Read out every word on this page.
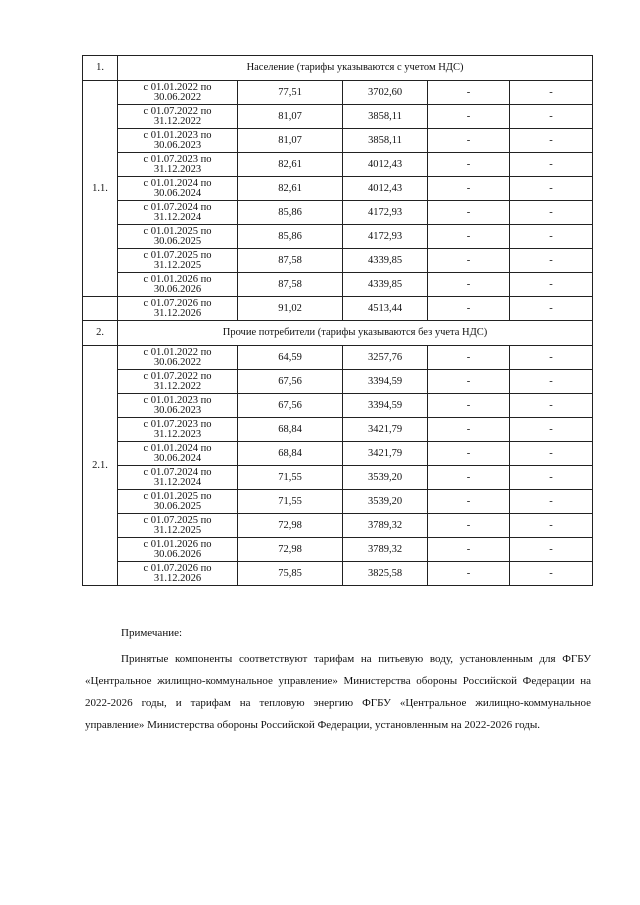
1.	Население (тарифы указываются с учетом НДС)				
1.1.	с 01.01.2022 по 30.06.2022	77,51	3702,60	-	-
	с 01.07.2022 по 31.12.2022	81,07	3858,11	-	-
	с 01.01.2023 по 30.06.2023	81,07	3858,11	-	-
	с 01.07.2023 по 31.12.2023	82,61	4012,43	-	-
	с 01.01.2024 по 30.06.2024	82,61	4012,43	-	-
	с 01.07.2024 по 31.12.2024	85,86	4172,93	-	-
	с 01.01.2025 по 30.06.2025	85,86	4172,93	-	-
	с 01.07.2025 по 31.12.2025	87,58	4339,85	-	-
	с 01.01.2026 по 30.06.2026	87,58	4339,85	-	-
	с 01.07.2026 по 31.12.2026	91,02	4513,44	-	-
2.	Прочие потребители (тарифы указываются без учета НДС)				
2.1.	с 01.01.2022 по 30.06.2022	64,59	3257,76	-	-
	с 01.07.2022 по 31.12.2022	67,56	3394,59	-	-
	с 01.01.2023 по 30.06.2023	67,56	3394,59	-	-
	с 01.07.2023 по 31.12.2023	68,84	3421,79	-	-
	с 01.01.2024 по 30.06.2024	68,84	3421,79	-	-
	с 01.07.2024 по 31.12.2024	71,55	3539,20	-	-
	с 01.01.2025 по 30.06.2025	71,55	3539,20	-	-
	с 01.07.2025 по 31.12.2025	72,98	3789,32	-	-
	с 01.01.2026 по 30.06.2026	72,98	3789,32	-	-
	с 01.07.2026 по 31.12.2026	75,85	3825,58	-	-
Примечание:

Принятые компоненты соответствуют тарифам на питьевую воду, установленным для ФГБУ «Центральное жилищно-коммунальное управление» Министерства обороны Российской Федерации на 2022-2026 годы, и тарифам на тепловую энергию ФГБУ «Центральное жилищно-коммунальное управление» Министерства обороны Российской Федерации, установленным на 2022-2026 годы.
